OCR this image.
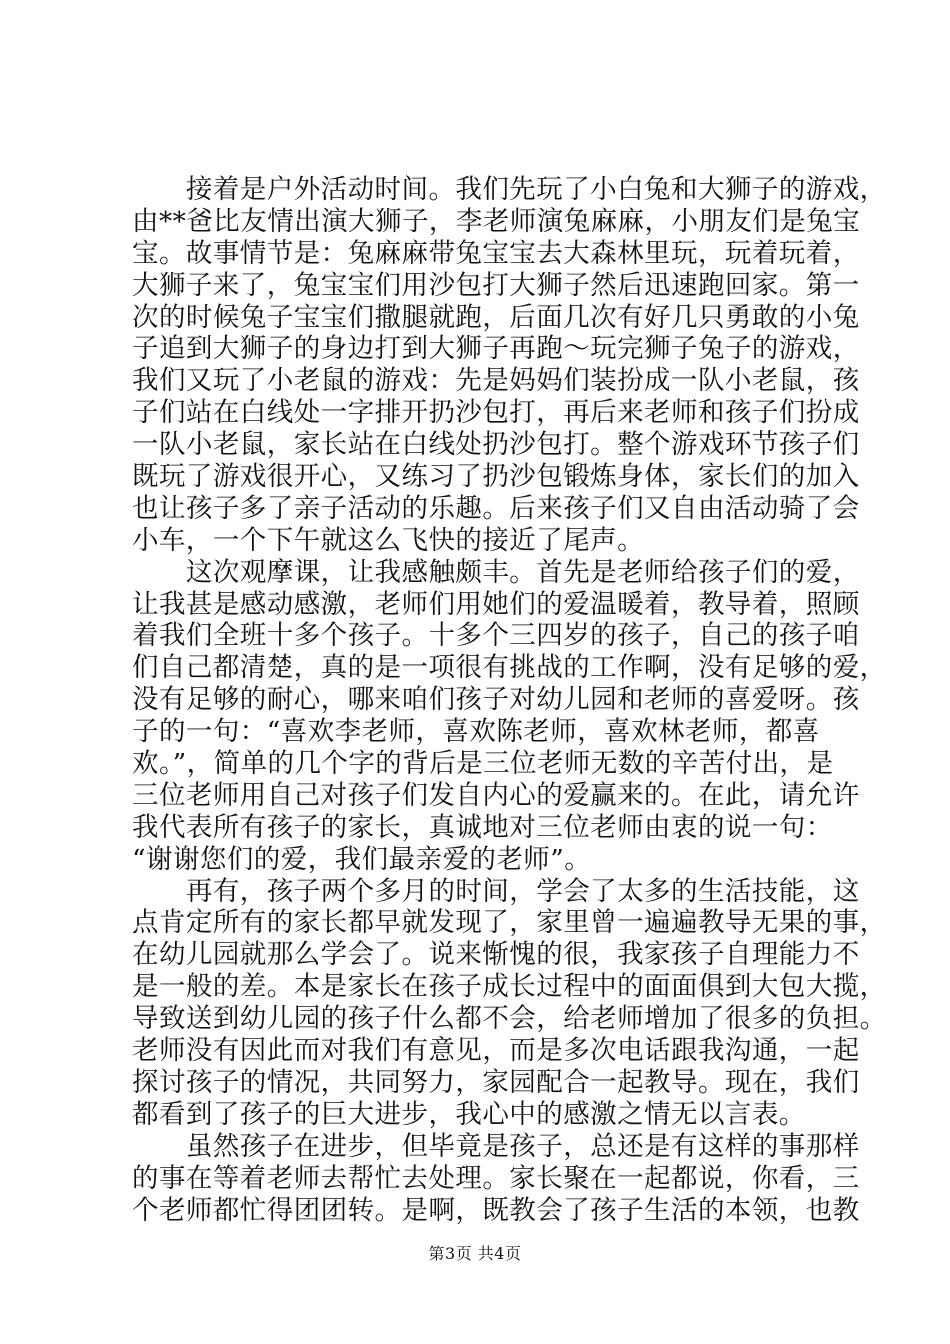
　　接着是户外活动时间。我们先玩了小白兔和大狮子的游戏，
由**爸比友情出演大狮子，李老师演兔麻麻，小朋友们是兔宝
宝。故事情节是：兔麻麻带兔宝宝去大森林里玩，玩着玩着，
大狮子来了，兔宝宝们用沙包打大狮子然后迅速跑回家。第一
次的时候兔子宝宝们撒腿就跑，后面几次有好几只勇敢的小兔
子追到大狮子的身边打到大狮子再跑～玩完狮子兔子的游戏，
我们又玩了小老鼠的游戏：先是妈妈们装扮成一队小老鼠，孩
子们站在白线处一字排开扔沙包打，再后来老师和孩子们扮成
一队小老鼠，家长站在白线处扔沙包打。整个游戏环节孩子们
既玩了游戏很开心，又练习了扔沙包锻炼身体，家长们的加入
也让孩子多了亲子活动的乐趣。后来孩子们又自由活动骑了会
小车，一个下午就这么飞快的接近了尾声。
　　这次观摩课，让我感触颇丰。首先是老师给孩子们的爱，
让我甚是感动感激，老师们用她们的爱温暖着，教导着，照顾
着我们全班十多个孩子。十多个三四岁的孩子，自己的孩子咱
们自己都清楚，真的是一项很有挑战的工作啊，没有足够的爱，
没有足够的耐心，哪来咱们孩子对幼儿园和老师的喜爱呀。孩
子的一句：“喜欢李老师，喜欢陈老师，喜欢林老师，都喜
欢。”，简单的几个字的背后是三位老师无数的辛苦付出，是
三位老师用自己对孩子们发自内心的爱赢来的。在此，请允许
我代表所有孩子的家长，真诚地对三位老师由衷的说一句：
“谢谢您们的爱，我们最亲爱的老师”。
　　再有，孩子两个多月的时间，学会了太多的生活技能，这
点肯定所有的家长都早就发现了，家里曾一遍遍教导无果的事，
在幼儿园就那么学会了。说来惭愧的很，我家孩子自理能力不
是一般的差。本是家长在孩子成长过程中的面面俱到大包大揽，
导致送到幼儿园的孩子什么都不会，给老师增加了很多的负担。
老师没有因此而对我们有意见，而是多次电话跟我沟通，一起
探讨孩子的情况，共同努力，家园配合一起教导。现在，我们
都看到了孩子的巨大进步，我心中的感激之情无以言表。
　　虽然孩子在进步，但毕竟是孩子，总还是有这样的事那样
的事在等着老师去帮忙去处理。家长聚在一起都说，你看，三
个老师都忙得团团转。是啊，既教会了孩子生活的本领，也教
第3页 共4页
